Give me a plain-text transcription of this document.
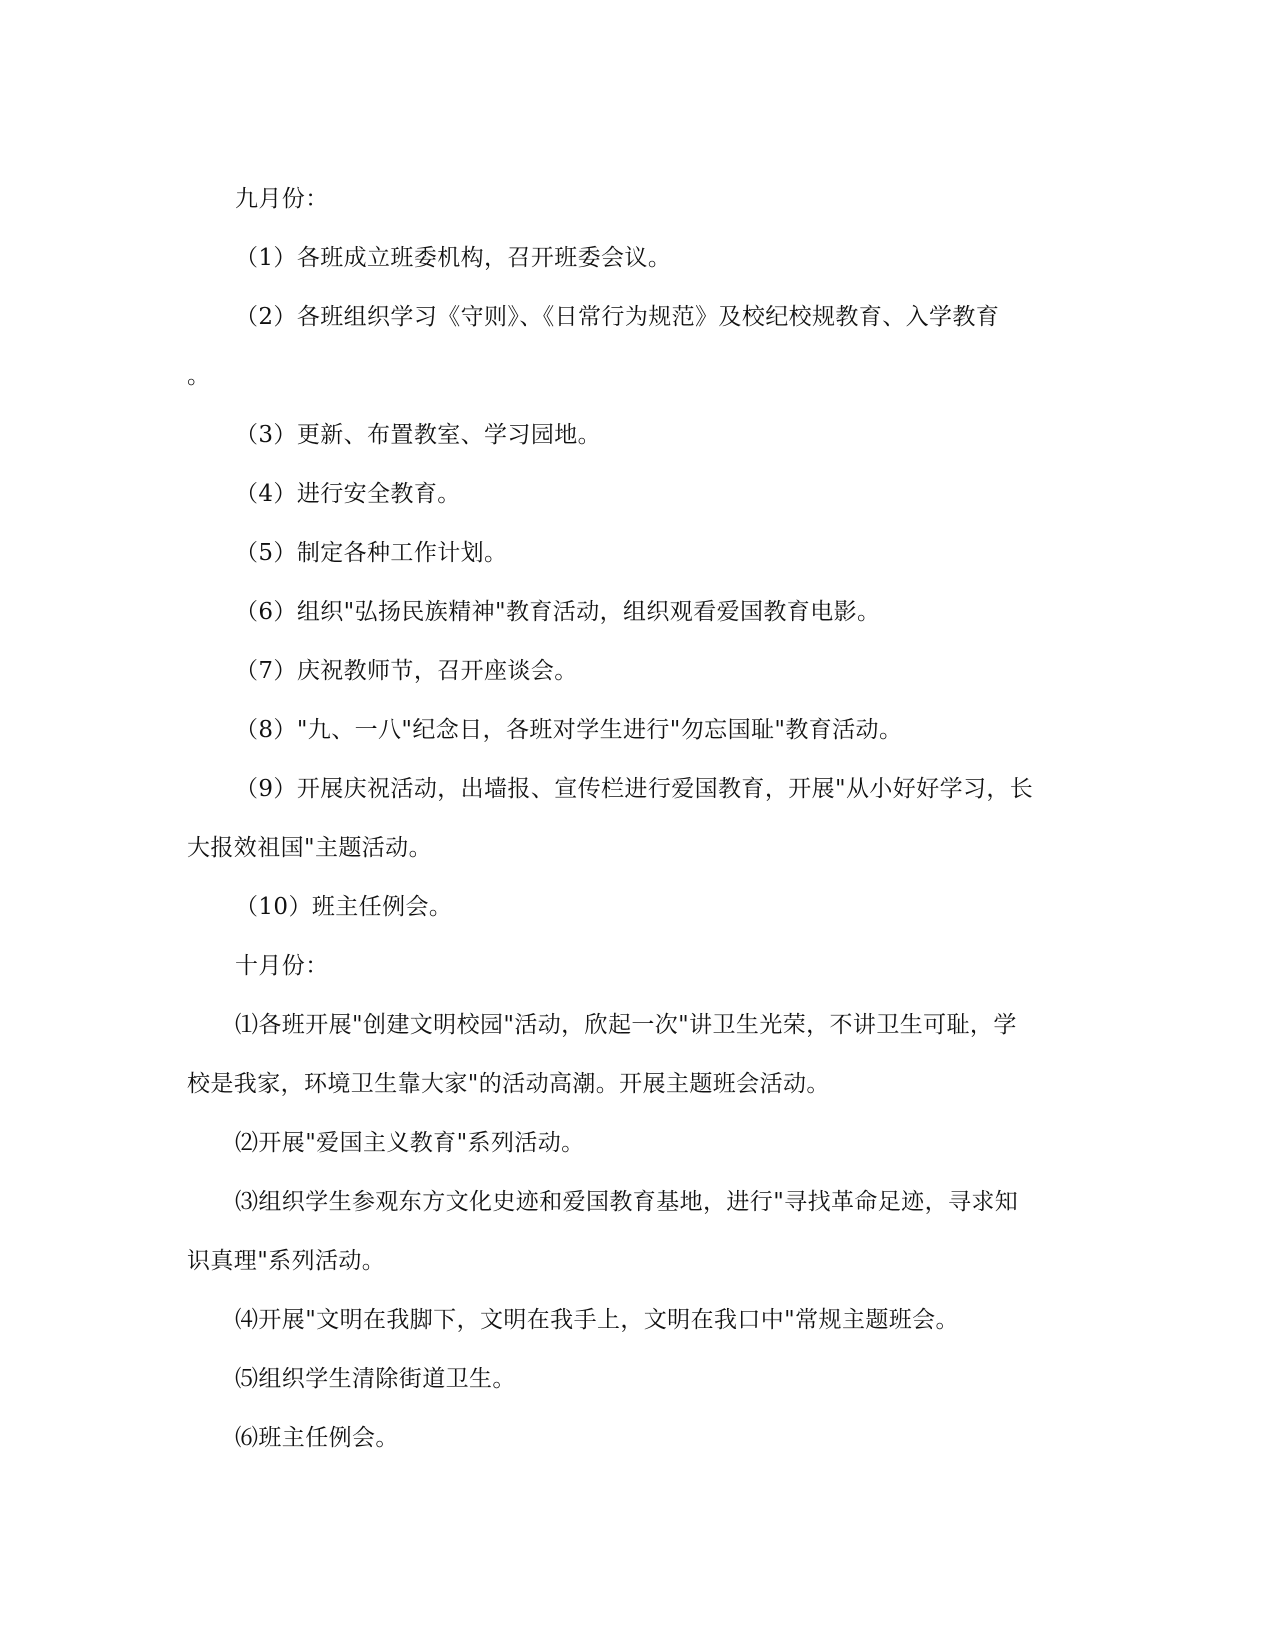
九月份：
（1）各班成立班委机构，召开班委会议。
（2）各班组织学习《守则》、《日常行为规范》及校纪校规教育、入学教育
。
（3）更新、布置教室、学习园地。
（4）进行安全教育。
（5）制定各种工作计划。
（6）组织"弘扬民族精神"教育活动，组织观看爱国教育电影。
（7）庆祝教师节，召开座谈会。
（8）"九、一八"纪念日，各班对学生进行"勿忘国耻"教育活动。
（9）开展庆祝活动，出墙报、宣传栏进行爱国教育，开展"从小好好学习，长
大报效祖国"主题活动。
（10）班主任例会。
十月份：
⑴各班开展"创建文明校园"活动，欣起一次"讲卫生光荣，不讲卫生可耻，学
校是我家，环境卫生靠大家"的活动高潮。开展主题班会活动。
⑵开展"爱国主义教育"系列活动。
⑶组织学生参观东方文化史迹和爱国教育基地，进行"寻找革命足迹，寻求知
识真理"系列活动。
⑷开展"文明在我脚下，文明在我手上，文明在我口中"常规主题班会。
⑸组织学生清除街道卫生。
⑹班主任例会。
